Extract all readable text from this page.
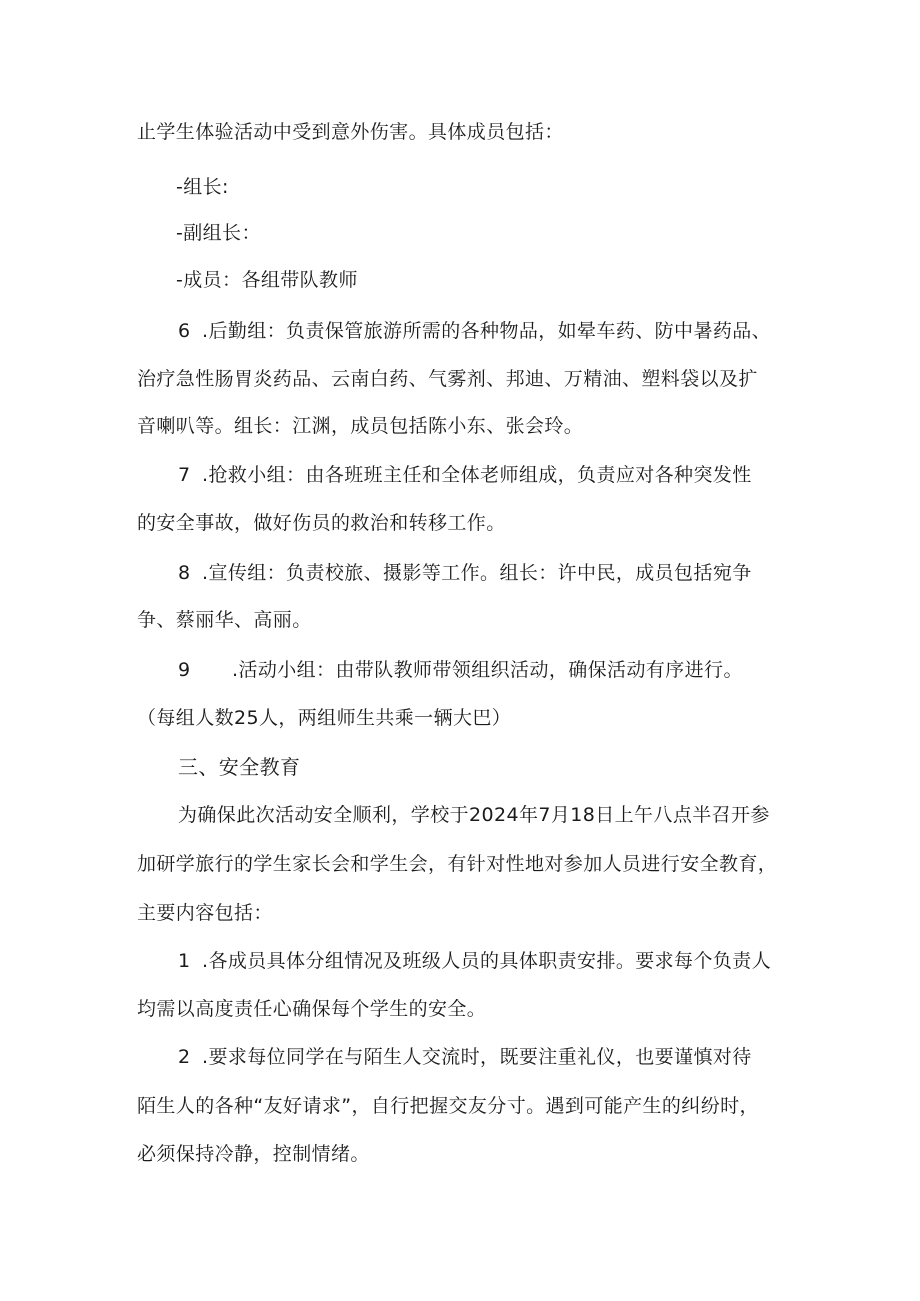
止学生体验活动中受到意外伤害。具体成员包括：
-组长:
-副组长：
-成员：各组带队教师
6 .后勤组：负责保管旅游所需的各种物品，如晕车药、防中暑药品、
治疗急性肠胃炎药品、云南白药、气雾剂、邦迪、万精油、塑料袋以及扩
音喇叭等。组长：江渊，成员包括陈小东、张会玲。
7 .抢救小组：由各班班主任和全体老师组成，负责应对各种突发性
的安全事故，做好伤员的救治和转移工作。
8 .宣传组：负责校旅、摄影等工作。组长：许中民，成员包括宛争
争、蔡丽华、高丽。
9 .活动小组：由带队教师带领组织活动，确保活动有序进行。
（每组人数25人，两组师生共乘一辆大巴）
三、安全教育
为确保此次活动安全顺利，学校于2024年7月18日上午八点半召开参
加研学旅行的学生家长会和学生会，有针对性地对参加人员进行安全教育，
主要内容包括：
1 .各成员具体分组情况及班级人员的具体职责安排。要求每个负责人
均需以高度责任心确保每个学生的安全。
2 .要求每位同学在与陌生人交流时，既要注重礼仪，也要谨慎对待
陌生人的各种“友好请求”，自行把握交友分寸。遇到可能产生的纠纷时，
必须保持冷静，控制情绪。
